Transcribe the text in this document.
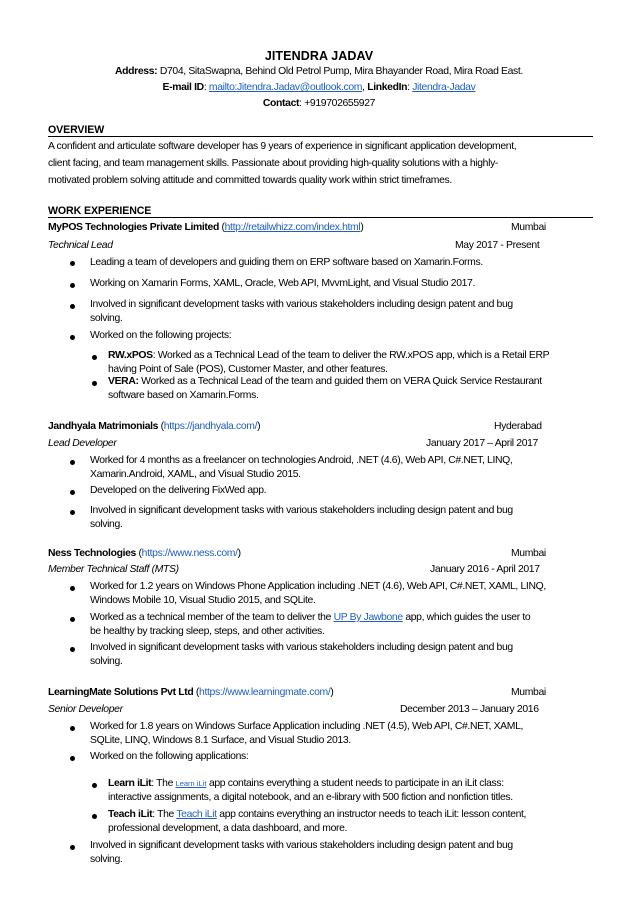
JITENDRA JADAV
Address: D704, SitaSwapna, Behind Old Petrol Pump, Mira Bhayander Road, Mira Road East.
E-mail ID: mailto:Jitendra.Jadav@outlook.com, LinkedIn: Jitendra-Jadav
Contact: +919702655927
OVERVIEW
A confident and articulate software developer has 9 years of experience in significant application development,
client facing, and team management skills. Passionate about providing high-quality solutions with a highly-
motivated problem solving attitude and committed towards quality work within strict timeframes.
WORK EXPERIENCE
MyPOS Technologies Private Limited (http://retailwhizz.com/index.html)	Mumbai
Technical Lead	May 2017 - Present
Leading a team of developers and guiding them on ERP software based on Xamarin.Forms.
Working on Xamarin Forms, XAML, Oracle, Web API, MvvmLight, and Visual Studio 2017.
Involved in significant development tasks with various stakeholders including design patent and bug
solving.
Worked on the following projects:
RW.xPOS: Worked as a Technical Lead of the team to deliver the RW.xPOS app, which is a Retail ERP
having Point of Sale (POS), Customer Master, and other features.
VERA: Worked as a Technical Lead of the team and guided them on VERA Quick Service Restaurant
software based on Xamarin.Forms.
Jandhyala Matrimonials (https://jandhyala.com/)	Hyderabad
Lead Developer	January 2017 – April 2017
Worked for 4 months as a freelancer on technologies Android, .NET (4.6), Web API, C#.NET, LINQ,
Xamarin.Android, XAML, and Visual Studio 2015.
Developed on the delivering FixWed app.
Involved in significant development tasks with various stakeholders including design patent and bug
solving.
Ness Technologies (https://www.ness.com/)	Mumbai
Member Technical Staff (MTS)	January 2016 - April 2017
Worked for 1.2 years on Windows Phone Application including .NET (4.6), Web API, C#.NET, XAML, LINQ,
Windows Mobile 10, Visual Studio 2015, and SQLite.
Worked as a technical member of the team to deliver the UP By Jawbone app, which guides the user to
be healthy by tracking sleep, steps, and other activities.
Involved in significant development tasks with various stakeholders including design patent and bug
solving.
LearningMate Solutions Pvt Ltd (https://www.learningmate.com/)	Mumbai
Senior Developer	December 2013 – January 2016
Worked for 1.8 years on Windows Surface Application including .NET (4.5), Web API, C#.NET, XAML,
SQLite, LINQ, Windows 8.1 Surface, and Visual Studio 2013.
Worked on the following applications:
Learn iLit: The Learn iLit app contains everything a student needs to participate in an iLit class:
interactive assignments, a digital notebook, and an e-library with 500 fiction and nonfiction titles.
Teach iLit: The Teach iLit app contains everything an instructor needs to teach iLit: lesson content,
professional development, a data dashboard, and more.
Involved in significant development tasks with various stakeholders including design patent and bug
solving.
